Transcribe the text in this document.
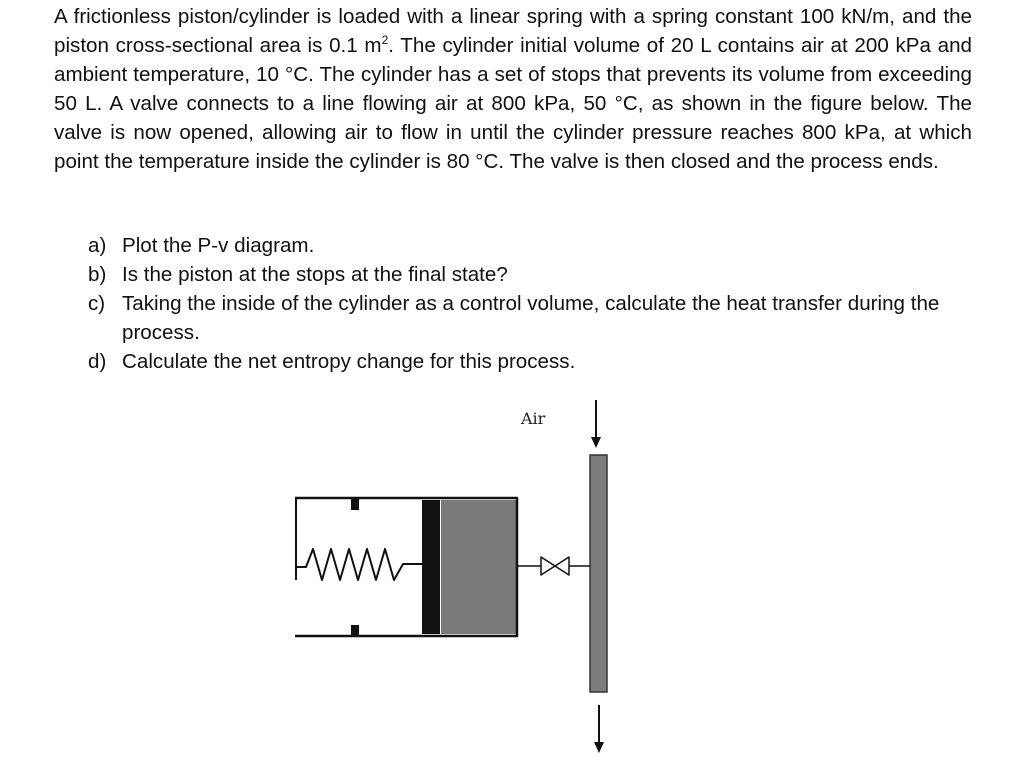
A frictionless piston/cylinder is loaded with a linear spring with a spring constant 100 kN/m, and the piston cross-sectional area is 0.1 $m^2$. The cylinder initial volume of 20 L contains air at 200 kPa and ambient temperature, 10 °C. The cylinder has a set of stops that prevents its volume from exceeding 50 L. A valve connects to a line flowing air at 800 kPa, 50 °C, as shown in the figure below. The valve is now opened, allowing air to flow in until the cylinder pressure reaches 800 kPa, at which point the temperature inside the cylinder is 80 °C. The valve is then closed and the process ends.

a) Plot the P-v diagram.
b) Is the piston at the stops at the final state?
c) Taking the inside of the cylinder as a control volume, calculate the heat transfer during the process.
d) Calculate the net entropy change for this process.
Air
